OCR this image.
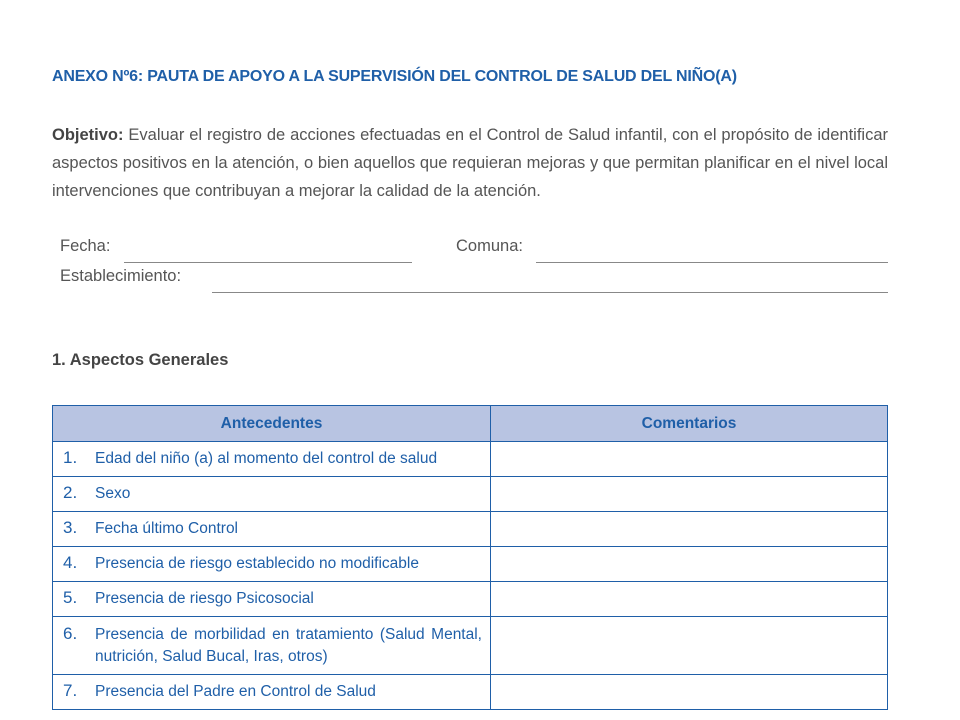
ANEXO Nº6: PAUTA DE APOYO A LA SUPERVISIÓN DEL CONTROL DE SALUD DEL NIÑO(A)
Objetivo: Evaluar el registro de acciones efectuadas en el Control de Salud infantil, con el propósito de identificar aspectos positivos en la atención, o bien aquellos que requieran mejoras y que permitan planificar en el nivel local intervenciones que contribuyan a mejorar la calidad de la atención.
Fecha:	Comuna:
Establecimiento:
1. Aspectos Generales
Antecedentes	Comentarios

1. Edad del niño (a) al momento del control de salud	

2. Sexo	

3. Fecha último Control	

4. Presencia de riesgo establecido no modificable	

5. Presencia de riesgo Psicosocial	

6. Presencia de morbilidad en tratamiento (Salud Mental, nutrición, Salud Bucal, Iras, otros)	

7. Presencia del Padre en Control de Salud	
